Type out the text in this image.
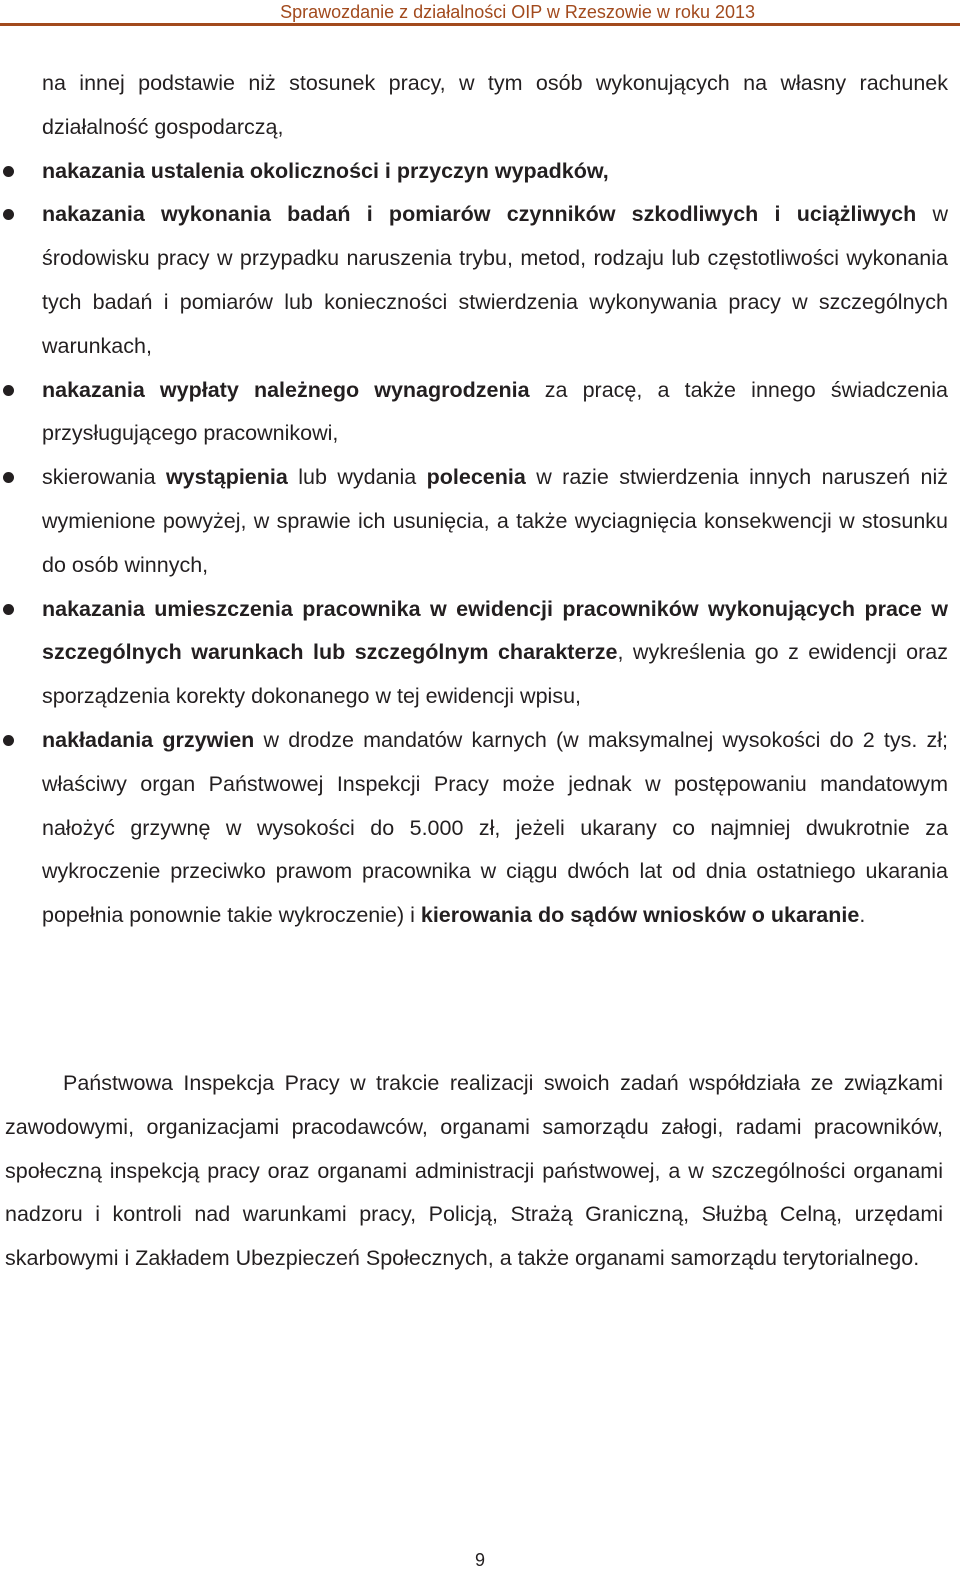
Sprawozdanie z działalności OIP w Rzeszowie w roku 2013
na innej podstawie niż stosunek pracy, w tym osób wykonujących na własny rachunek działalność gospodarczą,
nakazania ustalenia okoliczności i przyczyn wypadków,
nakazania wykonania badań i pomiarów czynników szkodliwych i uciążliwych w środowisku pracy w przypadku naruszenia trybu, metod, rodzaju lub częstotliwości wykonania tych badań i pomiarów lub konieczności stwierdzenia wykonywania pracy w szczególnych warunkach,
nakazania wypłaty należnego wynagrodzenia za pracę, a także innego świadczenia przysługującego pracownikowi,
skierowania wystąpienia lub wydania polecenia w razie stwierdzenia innych naruszeń niż wymienione powyżej, w sprawie ich usunięcia, a także wyciagnięcia konsekwencji w stosunku do osób winnych,
nakazania umieszczenia pracownika w ewidencji pracowników wykonujących prace w szczególnych warunkach lub szczególnym charakterze, wykreślenia go z ewidencji oraz sporządzenia korekty dokonanego w tej ewidencji wpisu,
nakładania grzywien w drodze mandatów karnych (w maksymalnej wysokości do 2 tys. zł; właściwy organ Państwowej Inspekcji Pracy może jednak w postępowaniu mandatowym nałożyć grzywnę w wysokości do 5.000 zł, jeżeli ukarany co najmniej dwukrotnie za wykroczenie przeciwko prawom pracownika w ciągu dwóch lat od dnia ostatniego ukarania popełnia ponownie takie wykroczenie) i kierowania do sądów wniosków o ukaranie.
Państwowa Inspekcja Pracy w trakcie realizacji swoich zadań współdziała ze związkami zawodowymi, organizacjami pracodawców, organami samorządu załogi, radami pracowników, społeczną inspekcją pracy oraz organami administracji państwowej, a w szczególności organami nadzoru i kontroli nad warunkami pracy, Policją, Strażą Graniczną, Służbą Celną, urzędami skarbowymi i Zakładem Ubezpieczeń Społecznych, a także organami samorządu terytorialnego.
9
